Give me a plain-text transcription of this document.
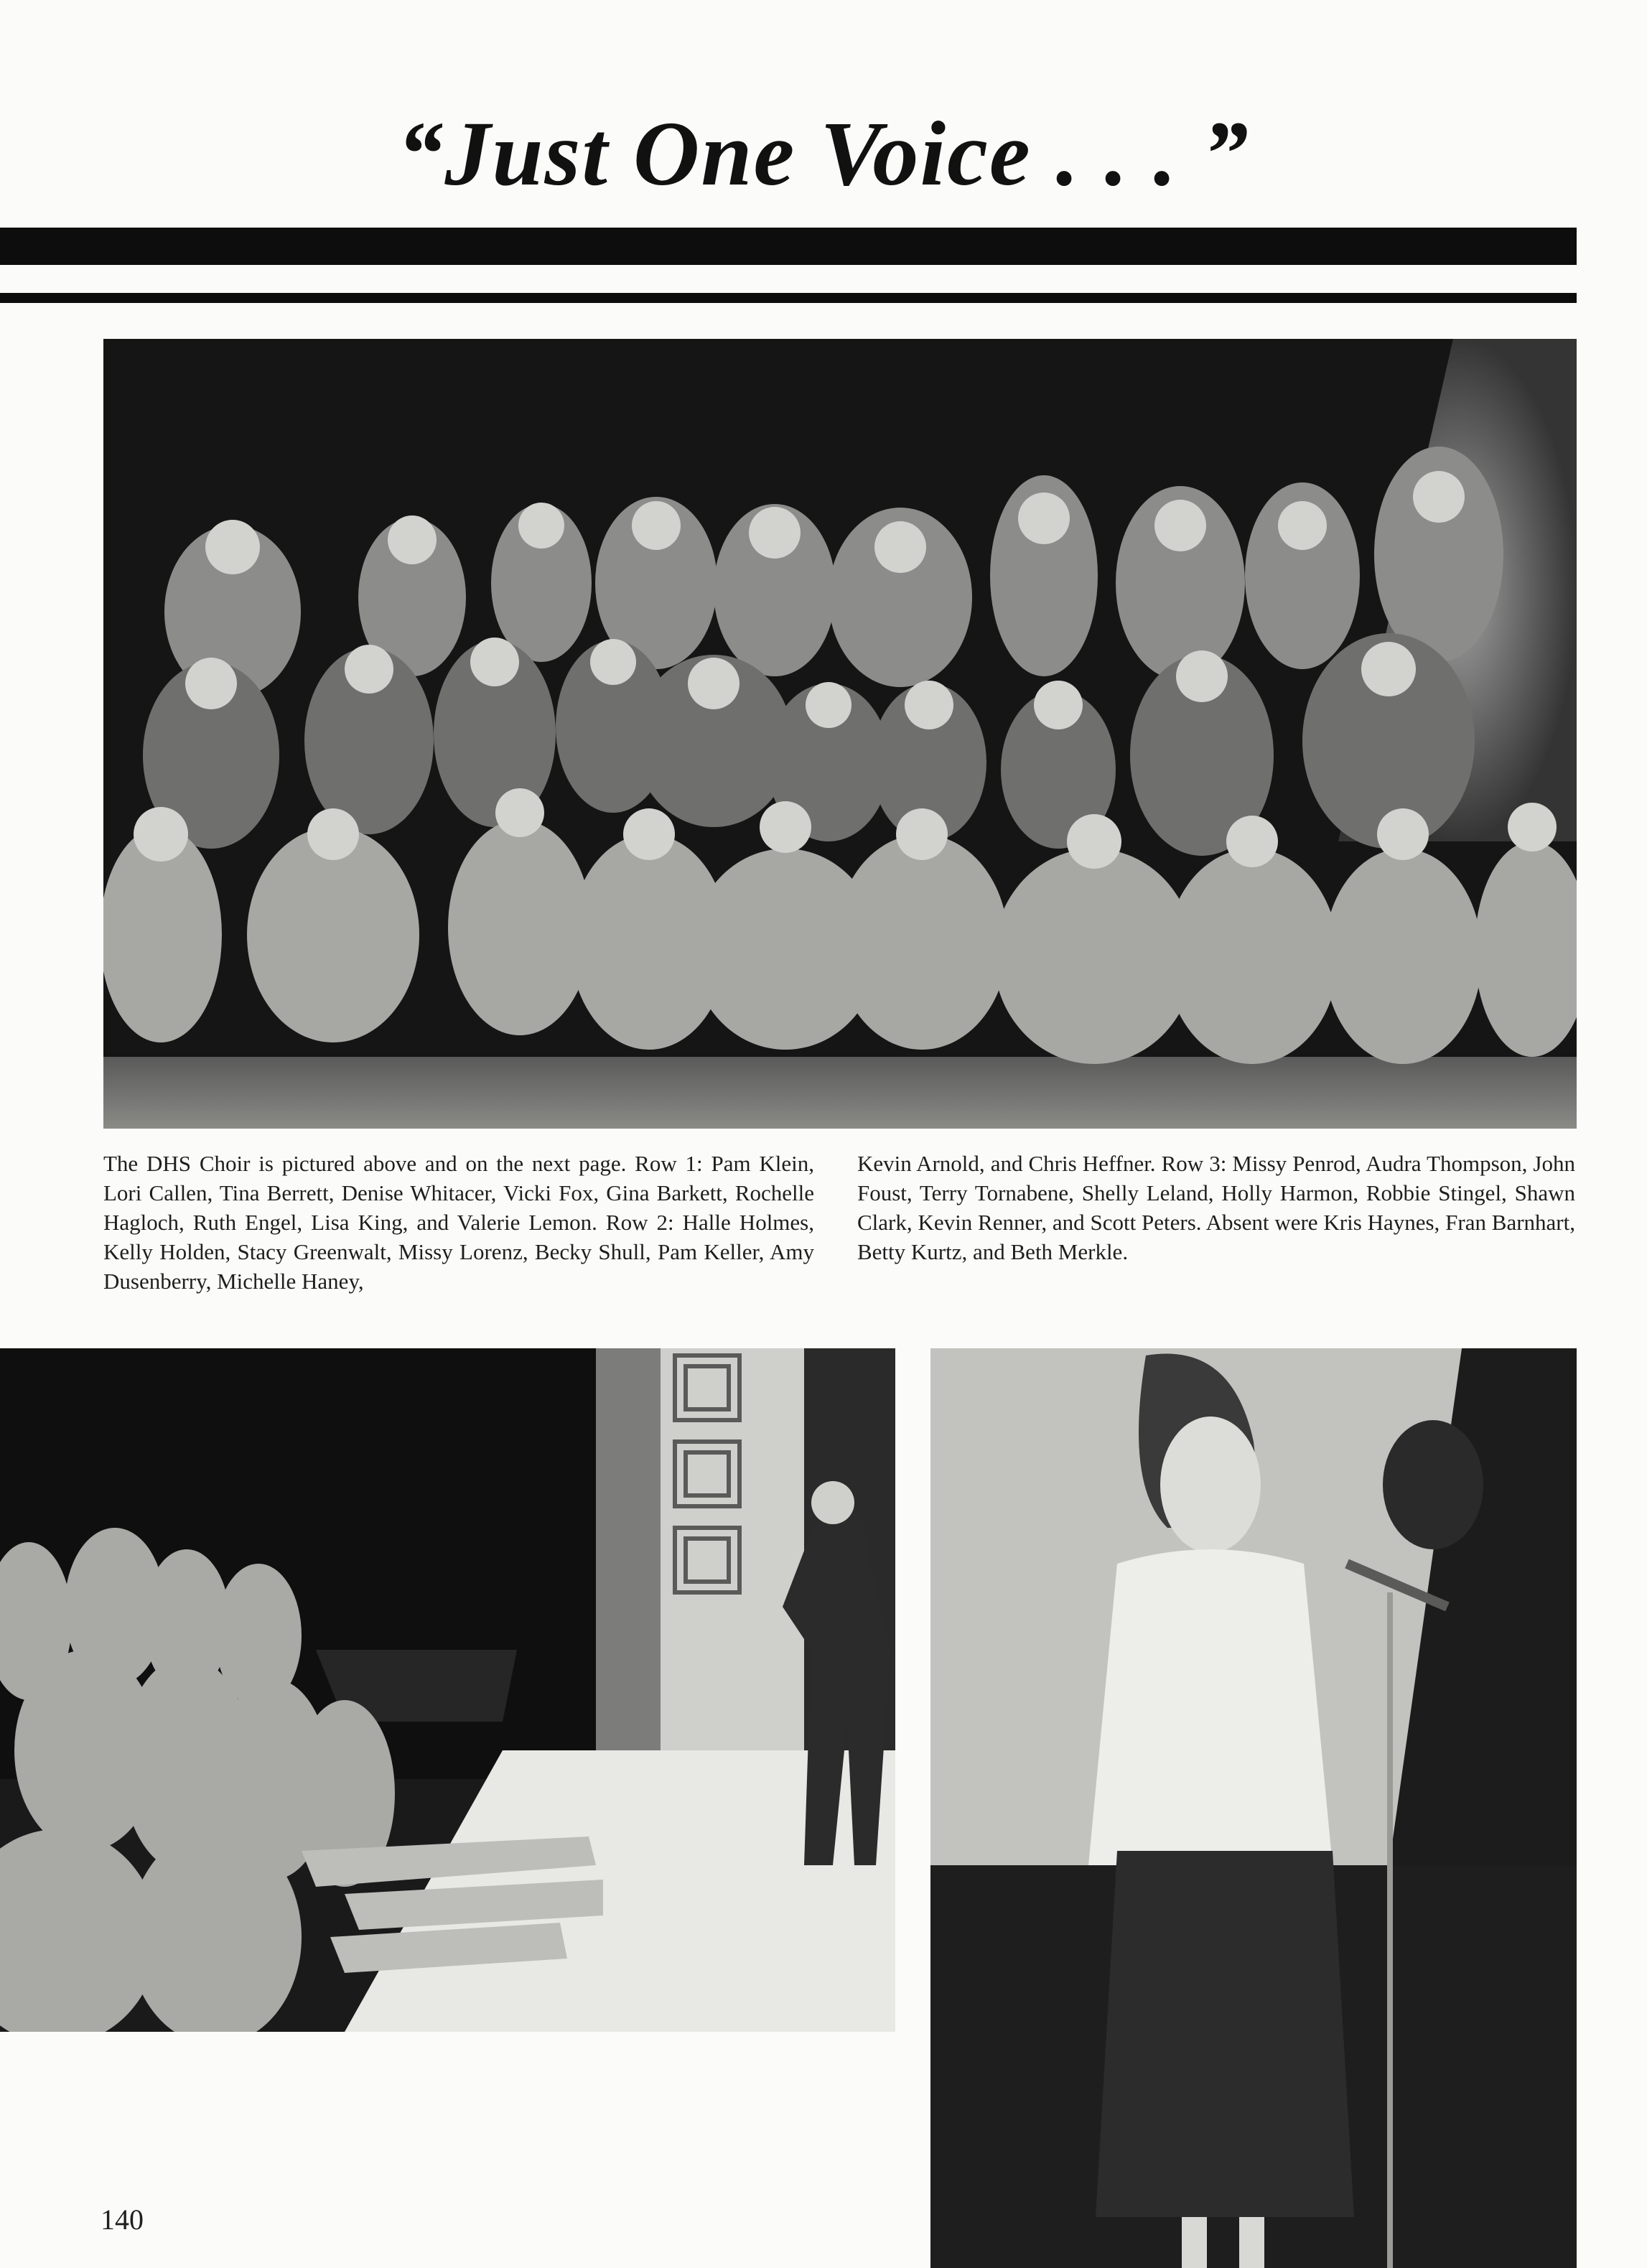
“Just One Voice . . . ”
The DHS Choir is pictured above and on the next page. Row 1: Pam Klein, Lori Callen, Tina Berrett, Denise Whitacer, Vicki Fox, Gina Barkett, Rochelle Hagloch, Ruth Engel, Lisa King, and Valerie Lemon. Row 2: Halle Holmes, Kelly Holden, Stacy Greenwalt, Missy Lorenz, Becky Shull, Pam Keller, Amy Dusenberry, Michelle Haney,
Kevin Arnold, and Chris Heffner. Row 3: Missy Penrod, Audra Thompson, John Foust, Terry Tornabene, Shelly Leland, Holly Harmon, Robbie Stingel, Shawn Clark, Kevin Renner, and Scott Peters. Absent were Kris Haynes, Fran Barnhart, Betty Kurtz, and Beth Merkle.
140
